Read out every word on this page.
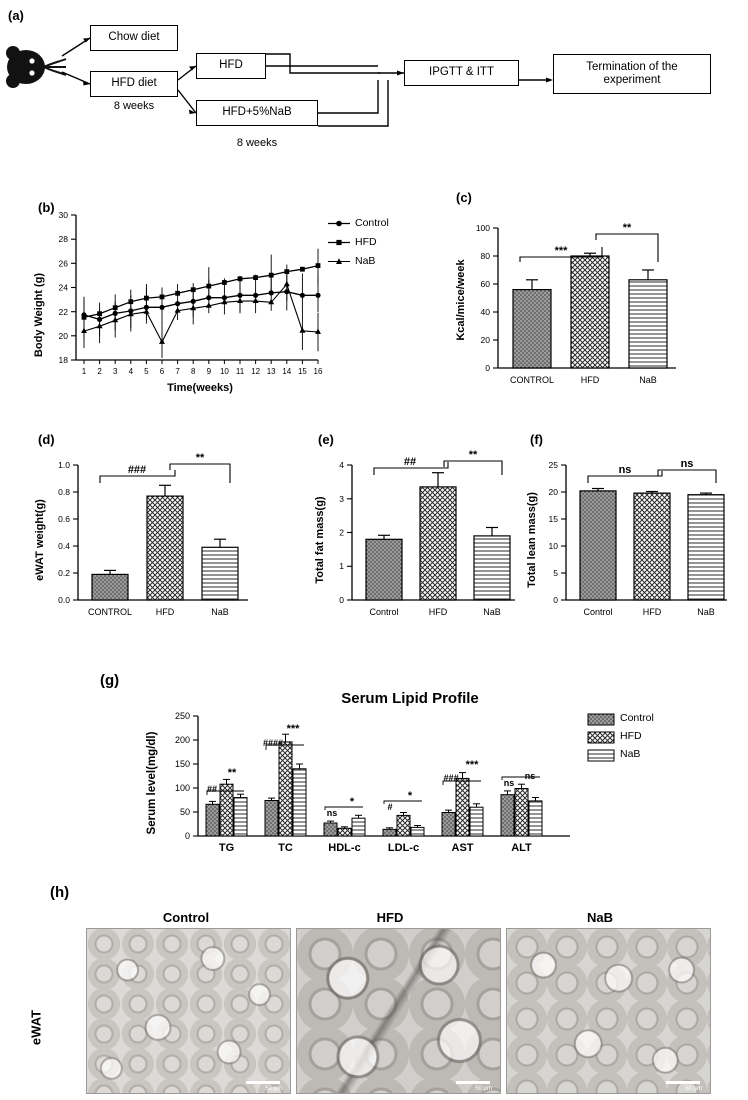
(a)
Chow diet
HFD diet
HFD
HFD+5%NaB
IPGTT & ITT	Termination of the experiment
8 weeks
8 weeks
(b)
Body Weight (g)
18
20
22
24
26
28
30
1 2 3 4 5 6 7 8 9 10 11 12 13 14 15 16
Time(weeks)
Control
HFD
NaB
(c)
Kcal/mice/week
0
20
40
60
80
100
***
**
CONTROL	HFD	NaB
(d)
eWAT weight(g)
0.0
0.2
0.4
0.6
0.8
1.0	###
**
CONTROL	HFD	NaB
(e)
Total fat mass(g)
0
1
2
3
4	##
**
Control	HFD	NaB
(f)
Total lean mass(g)
0
5
10
15
20
25	ns	ns
Control	HFD	NaB
(g)
Serum Lipid Profile
Serum level(mg/dl)
0
50
100
150
200
250
##
**
TG
####
***
TC
ns
*
HDL-c
#
*
LDL-c
###
***
AST
ns
ns
ALT
Control
HFD
NaB
(h)
Control	HFD	NaB
eWAT
50 µm	50 µm	50 µm
